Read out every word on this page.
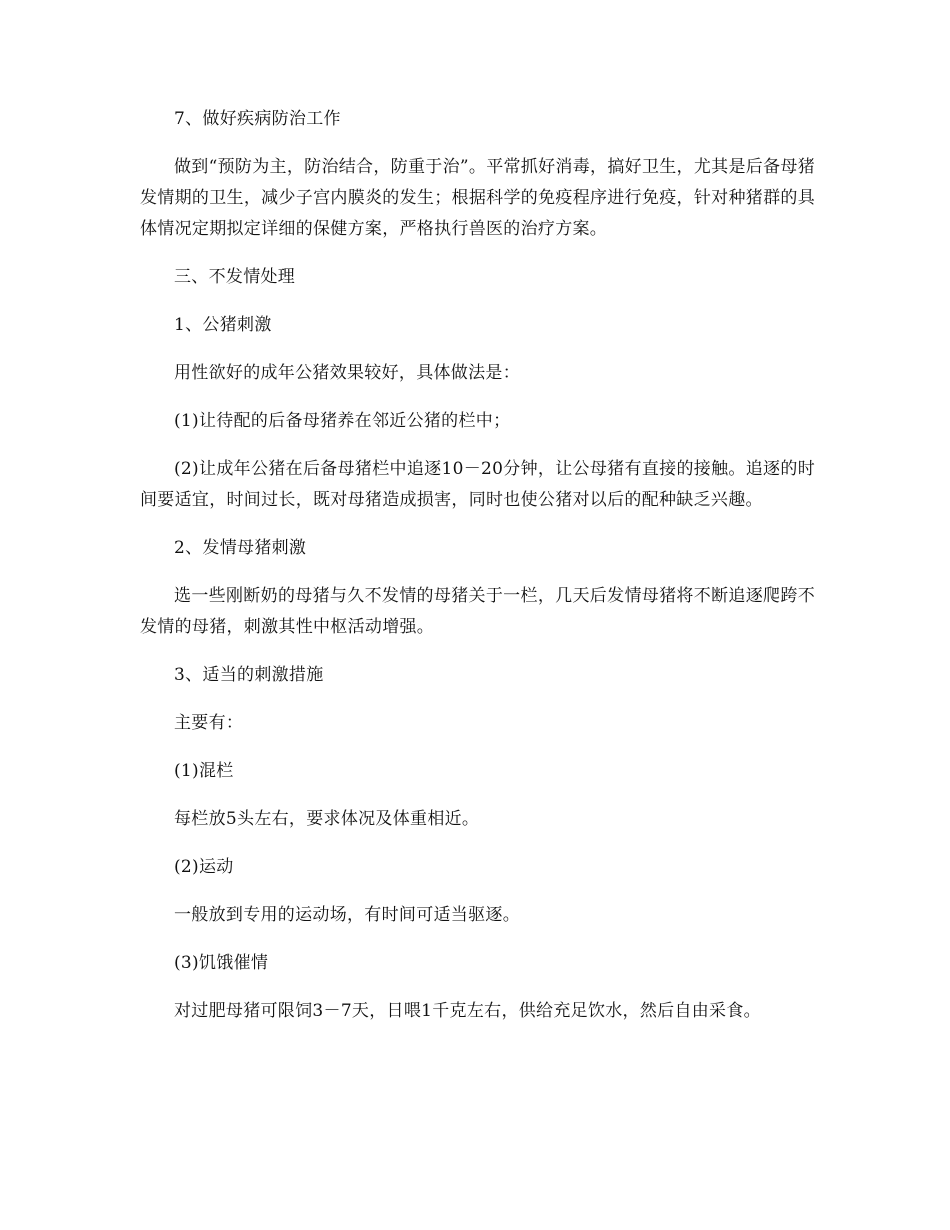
7、做好疾病防治工作

做到“预防为主，防治结合，防重于治”。平常抓好消毒，搞好卫生，尤其是后备母猪发情期的卫生，减少子宫内膜炎的发生；根据科学的免疫程序进行免疫，针对种猪群的具体情况定期拟定详细的保健方案，严格执行兽医的治疗方案。

三、不发情处理

1、公猪刺激

用性欲好的成年公猪效果较好，具体做法是：

(1)让待配的后备母猪养在邻近公猪的栏中；

(2)让成年公猪在后备母猪栏中追逐10－20分钟，让公母猪有直接的接触。追逐的时间要适宜，时间过长，既对母猪造成损害，同时也使公猪对以后的配种缺乏兴趣。

2、发情母猪刺激

选一些刚断奶的母猪与久不发情的母猪关于一栏，几天后发情母猪将不断追逐爬跨不发情的母猪，刺激其性中枢活动增强。

3、适当的刺激措施

主要有：

(1)混栏

每栏放5头左右，要求体况及体重相近。

(2)运动

一般放到专用的运动场，有时间可适当驱逐。

(3)饥饿催情

对过肥母猪可限饲3－7天，日喂1千克左右，供给充足饮水，然后自由采食。
